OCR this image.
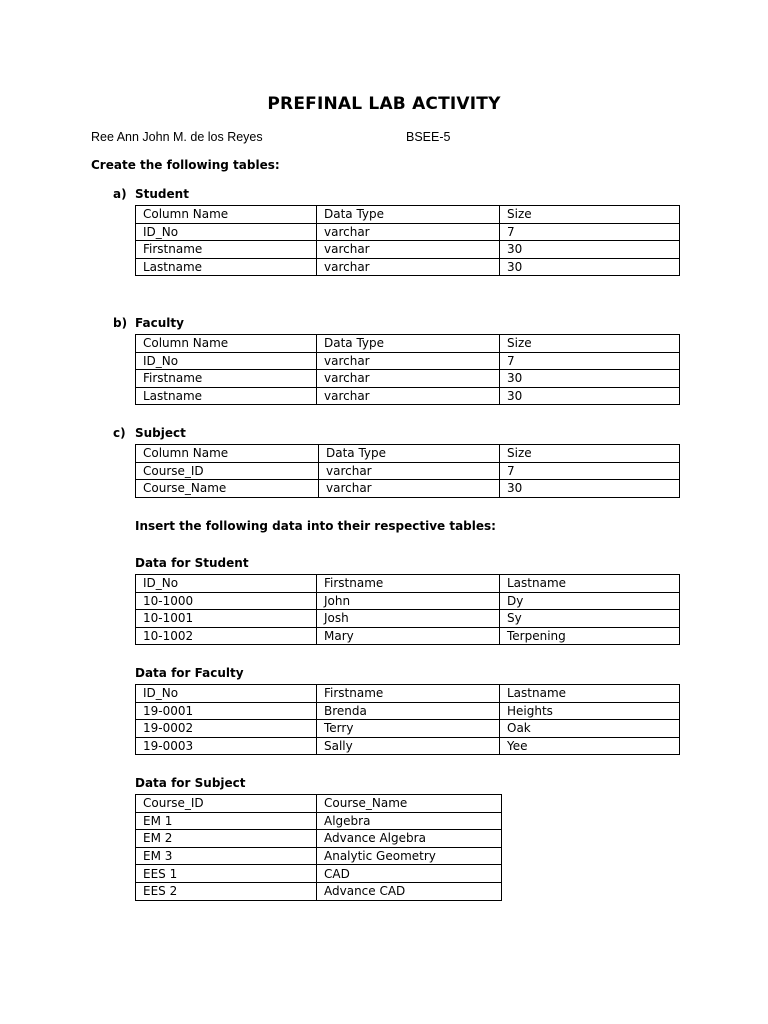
PREFINAL LAB ACTIVITY
Ree Ann John M. de los Reyes	BSEE-5
Create the following tables:
a) Student
Column Name	Data Type	Size
ID_No	varchar	7
Firstname	varchar	30
Lastname	varchar	30
b) Faculty
Column Name	Data Type	Size
ID_No	varchar	7
Firstname	varchar	30
Lastname	varchar	30
c) Subject
Column Name	Data Type	Size
Course_ID	varchar	7
Course_Name	varchar	30
Insert the following data into their respective tables:
Data for Student
ID_No	Firstname	Lastname
10-1000	John	Dy
10-1001	Josh	Sy
10-1002	Mary	Terpening
Data for Faculty
ID_No	Firstname	Lastname
19-0001	Brenda	Heights
19-0002	Terry	Oak
19-0003	Sally	Yee
Data for Subject
Course_ID	Course_Name
EM 1	Algebra
EM 2	Advance Algebra
EM 3	Analytic Geometry
EES 1	CAD
EES 2	Advance CAD
